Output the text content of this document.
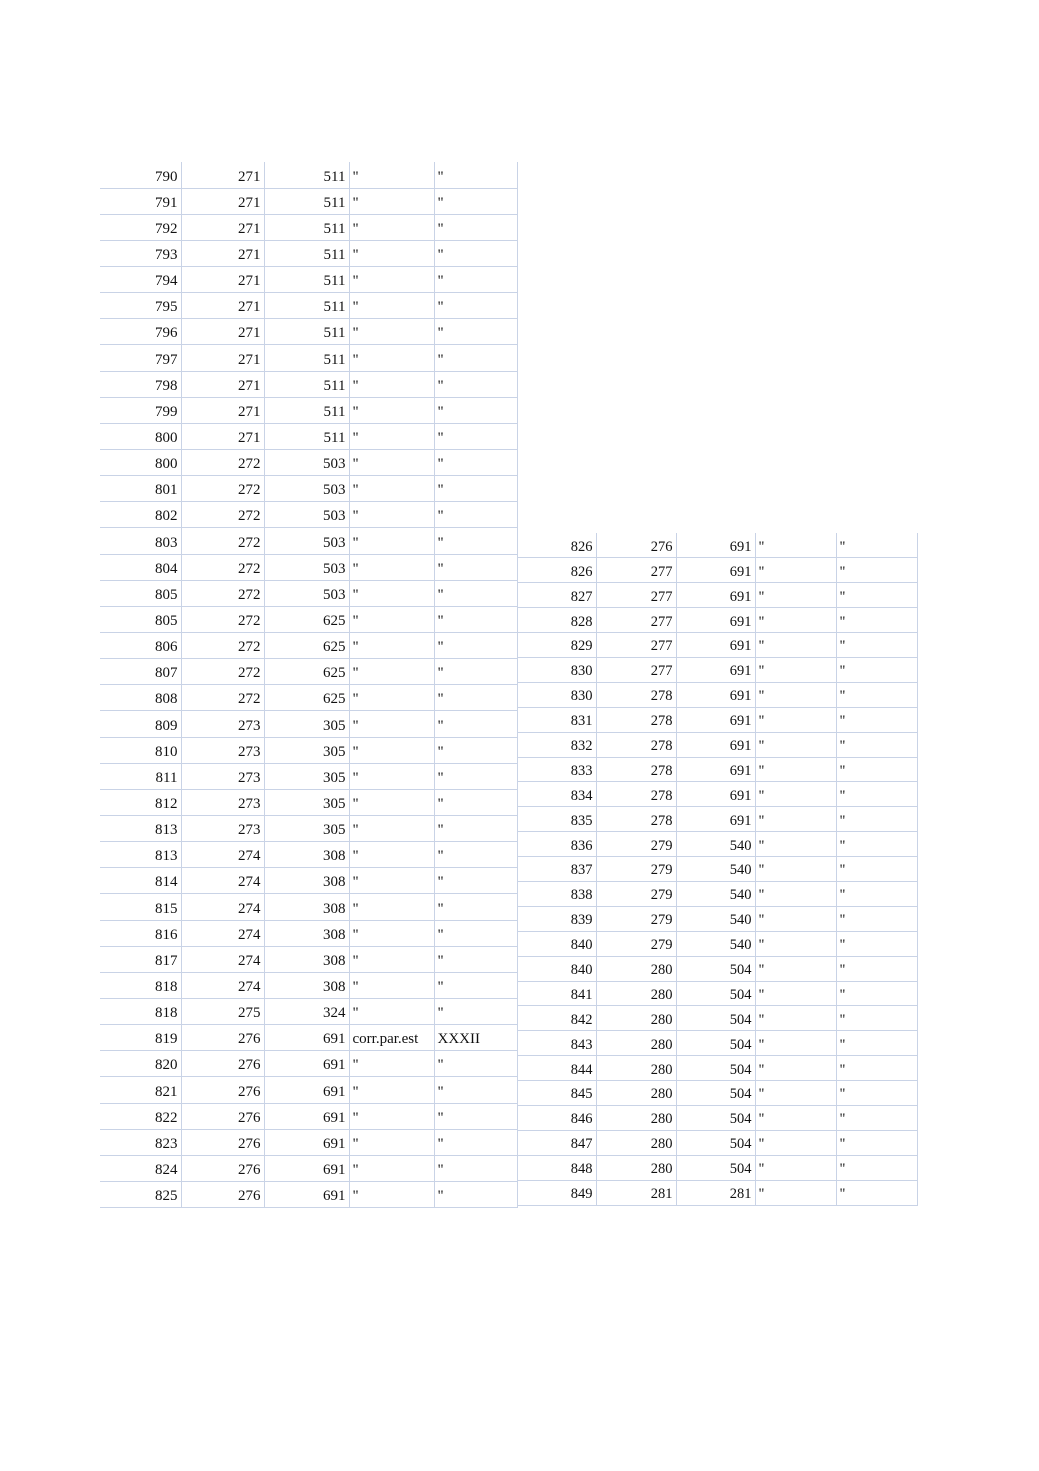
790	271	511	"	"
791	271	511	"	"
792	271	511	"	"
793	271	511	"	"
794	271	511	"	"
795	271	511	"	"
796	271	511	"	"
797	271	511	"	"
798	271	511	"	"
799	271	511	"	"
800	271	511	"	"
800	272	503	"	"
801	272	503	"	"
802	272	503	"	"
803	272	503	"	"
804	272	503	"	"
805	272	503	"	"
805	272	625	"	"
806	272	625	"	"
807	272	625	"	"
808	272	625	"	"
809	273	305	"	"
810	273	305	"	"
811	273	305	"	"
812	273	305	"	"
813	273	305	"	"
813	274	308	"	"
814	274	308	"	"
815	274	308	"	"
816	274	308	"	"
817	274	308	"	"
818	274	308	"	"
818	275	324	"	"
819	276	691	corr.par.est	XXXII
820	276	691	"	"
821	276	691	"	"
822	276	691	"	"
823	276	691	"	"
824	276	691	"	"
825	276	691	"	"
826	276	691	"	"
826	277	691	"	"
827	277	691	"	"
828	277	691	"	"
829	277	691	"	"
830	277	691	"	"
830	278	691	"	"
831	278	691	"	"
832	278	691	"	"
833	278	691	"	"
834	278	691	"	"
835	278	691	"	"
836	279	540	"	"
837	279	540	"	"
838	279	540	"	"
839	279	540	"	"
840	279	540	"	"
840	280	504	"	"
841	280	504	"	"
842	280	504	"	"
843	280	504	"	"
844	280	504	"	"
845	280	504	"	"
846	280	504	"	"
847	280	504	"	"
848	280	504	"	"
849	281	281	"	"
